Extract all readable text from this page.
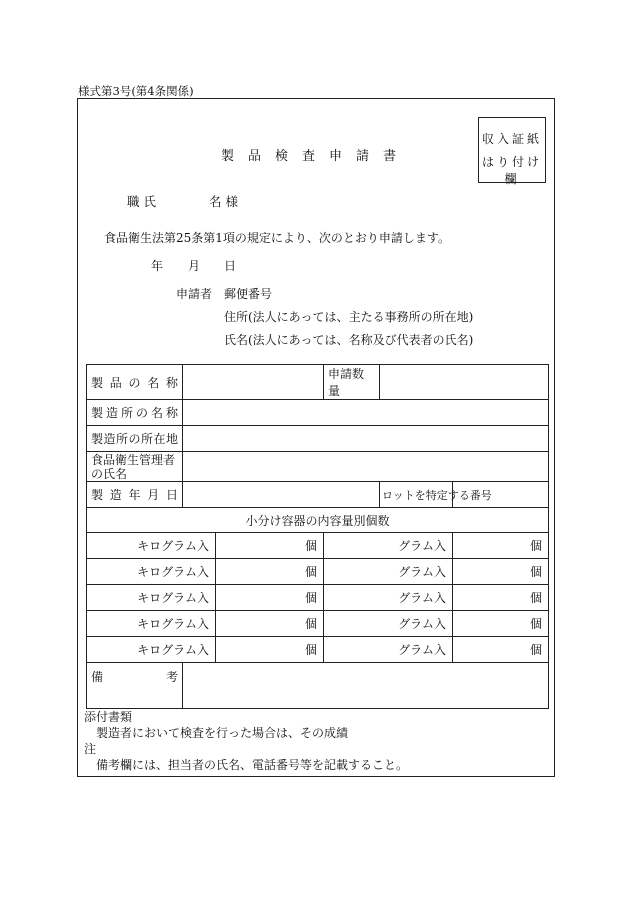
様式第3号(第4条関係)
収入証紙
はり付け欄
製品検査申請書
職 氏	名 様
食品衛生法第25条第1項の規定により、次のとおり申請します。
年 月 日
申請者 郵便番号
住所(法人にあっては、主たる事務所の所在地)
氏名(法人にあっては、名称及び代表者の氏名)
製品の名称			申請数量		

製造所の名称					

製造所の所在地					

食品衛生管理者
の氏名					

製造年月日				ロットを特定する番号	
小分け容器の内容量別個数					
キログラム入		個	グラム入		個
キログラム入		個	グラム入		個
キログラム入		個	グラム入		個
キログラム入		個	グラム入		個
キログラム入		個	グラム入		個

備考					

添付書類
製造者において検査を行った場合は、その成績
注
備考欄には、担当者の氏名、電話番号等を記載すること。
